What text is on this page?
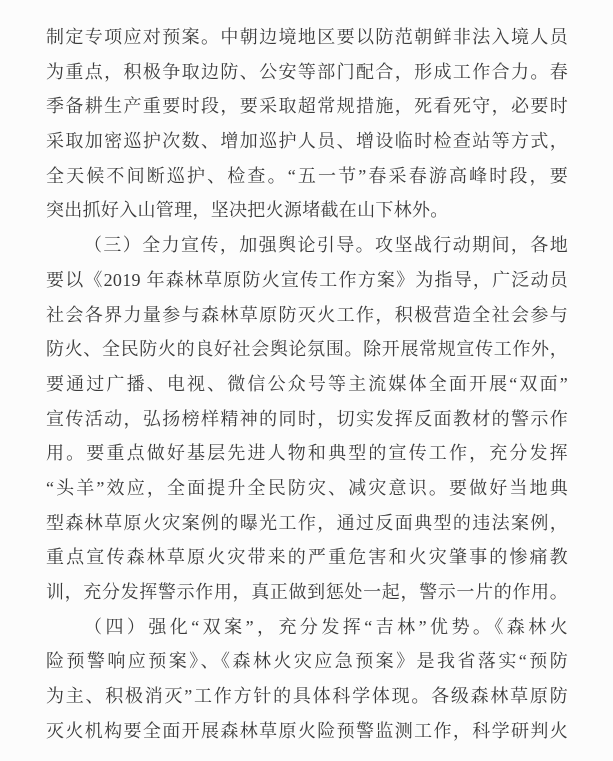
制定专项应对预案。中朝边境地区要以防范朝鲜非法入境人员
为重点，积极争取边防、公安等部门配合，形成工作合力。春
季备耕生产重要时段，要采取超常规措施，死看死守，必要时
采取加密巡护次数、增加巡护人员、增设临时检查站等方式，
全天候不间断巡护、检查。“五一节”春采春游高峰时段，要
突出抓好入山管理，坚决把火源堵截在山下林外。
（三）全力宣传，加强舆论引导。攻坚战行动期间，各地
要以《2019 年森林草原防火宣传工作方案》为指导，广泛动员
社会各界力量参与森林草原防灭火工作，积极营造全社会参与
防火、全民防火的良好社会舆论氛围。除开展常规宣传工作外，
要通过广播、电视、微信公众号等主流媒体全面开展“双面”
宣传活动，弘扬榜样精神的同时，切实发挥反面教材的警示作
用。要重点做好基层先进人物和典型的宣传工作，充分发挥
“头羊”效应，全面提升全民防灾、减灾意识。要做好当地典
型森林草原火灾案例的曝光工作，通过反面典型的违法案例，
重点宣传森林草原火灾带来的严重危害和火灾肇事的惨痛教
训，充分发挥警示作用，真正做到惩处一起，警示一片的作用。
（四）强化“双案”，充分发挥“吉林”优势。《森林火
险预警响应预案》、《森林火灾应急预案》是我省落实“预防
为主、积极消灭”工作方针的具体科学体现。各级森林草原防
灭火机构要全面开展森林草原火险预警监测工作，科学研判火
